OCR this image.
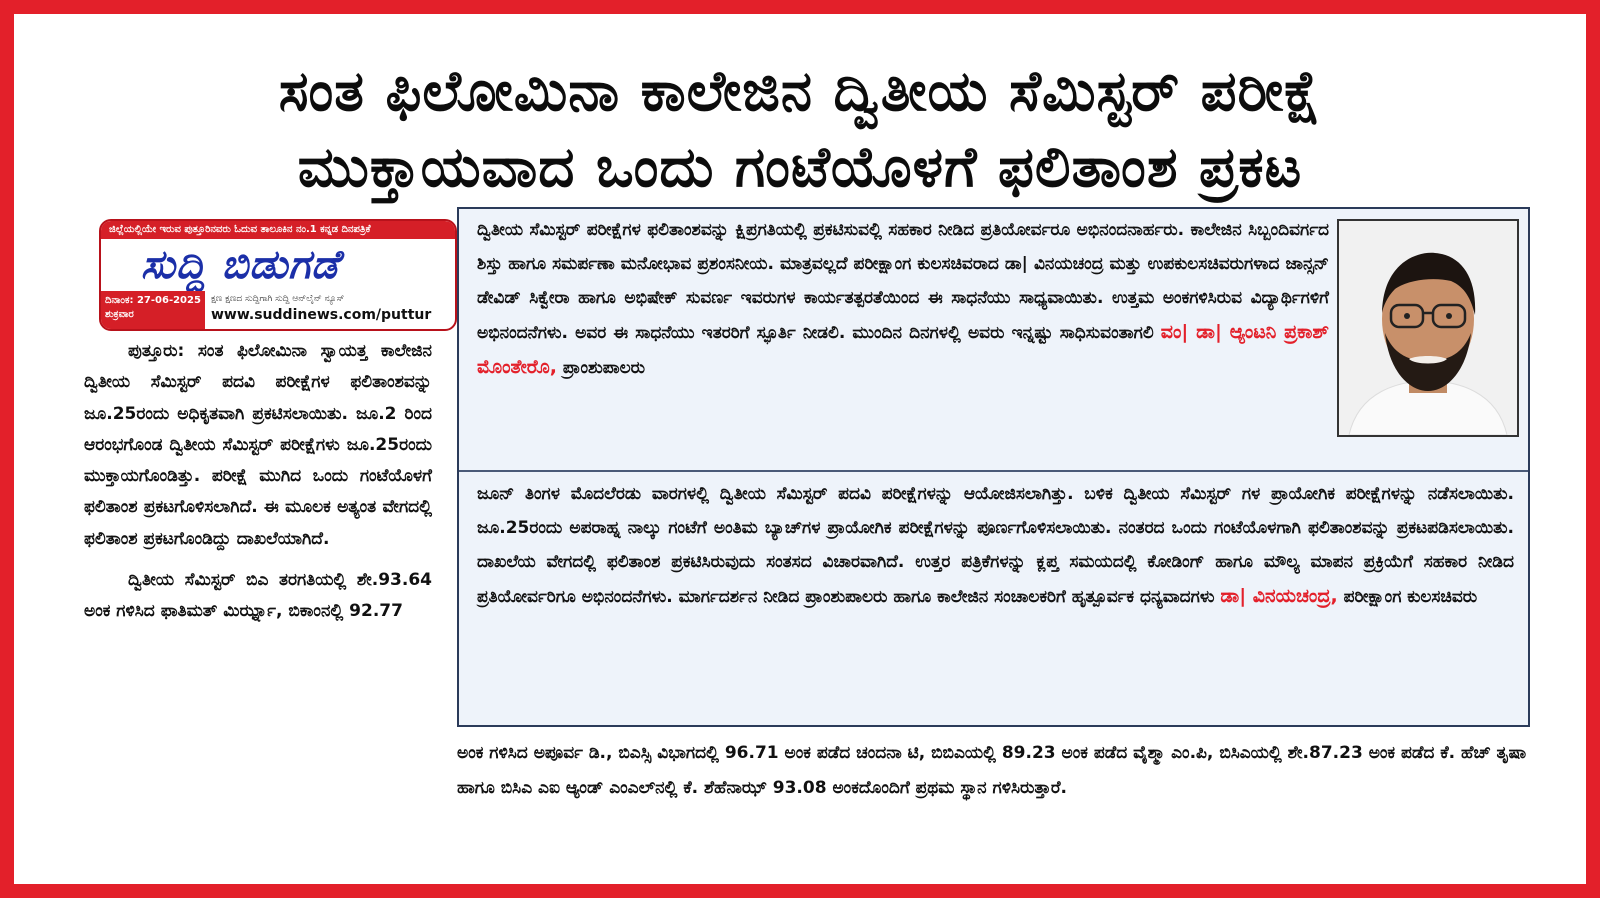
ಸಂತ ಫಿಲೋಮಿನಾ ಕಾಲೇಜಿನ ದ್ವಿತೀಯ ಸೆಮಿಸ್ಟರ್ ಪರೀಕ್ಷೆ
ಮುಕ್ತಾಯವಾದ ಒಂದು ಗಂಟೆಯೊಳಗೆ ಫಲಿತಾಂಶ ಪ್ರಕಟ
ಜಿಲ್ಲೆಯಲ್ಲಿಯೇ ಇರುವ ಪುತ್ತೂರಿನವರು ಓದುವ ತಾಲೂಕಿನ ನಂ.1 ಕನ್ನಡ ದಿನಪತ್ರಿಕೆ
ಸುದ್ದಿ ಬಿಡುಗಡೆ
ದಿನಾಂಕ: 27-06-2025
ಶುಕ್ರವಾರ
ಕ್ಷಣ ಕ್ಷಣದ ಸುದ್ದಿಗಾಗಿ ಸುದ್ದಿ ಆನ್‌ಲೈನ್ ನ್ಯೂಸ್
www.suddinews.com/puttur

ಪುತ್ತೂರು: ಸಂತ ಫಿಲೋಮಿನಾ ಸ್ವಾಯತ್ತ ಕಾಲೇಜಿನ ದ್ವಿತೀಯ ಸೆಮಿಸ್ಟರ್ ಪದವಿ ಪರೀಕ್ಷೆಗಳ ಫಲಿತಾಂಶವನ್ನು ಜೂ.25ರಂದು ಅಧಿಕೃತವಾಗಿ ಪ್ರಕಟಿಸಲಾಯಿತು. ಜೂ.2 ರಿಂದ ಆರಂಭಗೊಂಡ ದ್ವಿತೀಯ ಸೆಮಿಸ್ಟರ್ ಪರೀಕ್ಷೆಗಳು ಜೂ.25ರಂದು ಮುಕ್ತಾಯಗೊಂಡಿತ್ತು. ಪರೀಕ್ಷೆ ಮುಗಿದ ಒಂದು ಗಂಟೆಯೊಳಗೆ ಫಲಿತಾಂಶ ಪ್ರಕಟಗೊಳಿಸಲಾಗಿದೆ. ಈ ಮೂಲಕ ಅತ್ಯಂತ ವೇಗದಲ್ಲಿ ಫಲಿತಾಂಶ ಪ್ರಕಟಗೊಂಡಿದ್ದು ದಾಖಲೆಯಾಗಿದೆ.

ದ್ವಿತೀಯ ಸೆಮಿಸ್ಟರ್ ಬಿಎ ತರಗತಿಯಲ್ಲಿ ಶೇ.93.64 ಅಂಕ ಗಳಿಸಿದ ಫಾತಿಮತ್ ಮಿರ್ಝ್ನಾ, ಬಿಕಾಂನಲ್ಲಿ 92.77

ದ್ವಿತೀಯ ಸೆಮಿಸ್ಟರ್ ಪರೀಕ್ಷೆಗಳ ಫಲಿತಾಂಶವನ್ನು ಕ್ಷಿಪ್ರಗತಿಯಲ್ಲಿ ಪ್ರಕಟಿಸುವಲ್ಲಿ ಸಹಕಾರ ನೀಡಿದ ಪ್ರತಿಯೋರ್ವರೂ ಅಭಿನಂದನಾರ್ಹರು. ಕಾಲೇಜಿನ ಸಿಬ್ಬಂದಿವರ್ಗದ ಶಿಸ್ತು ಹಾಗೂ ಸಮರ್ಪಣಾ ಮನೋಭಾವ ಪ್ರಶಂಸನೀಯ. ಮಾತ್ರವಲ್ಲದೆ ಪರೀಕ್ಷಾಂಗ ಕುಲಸಚಿವರಾದ ಡಾ| ವಿನಯಚಂದ್ರ ಮತ್ತು ಉಪಕುಲಸಚಿವರುಗಳಾದ ಜಾನ್ಸನ್ ಡೇವಿಡ್ ಸಿಕ್ವೇರಾ ಹಾಗೂ ಅಭಿಷೇಕ್ ಸುವರ್ಣ ಇವರುಗಳ ಕಾರ್ಯತತ್ಪರತೆಯಿಂದ ಈ ಸಾಧನೆಯು ಸಾಧ್ಯವಾಯಿತು. ಉತ್ತಮ ಅಂಕಗಳಿಸಿರುವ ವಿದ್ಯಾರ್ಥಿಗಳಿಗೆ ಅಭಿನಂದನೆಗಳು. ಅವರ ಈ ಸಾಧನೆಯು ಇತರರಿಗೆ ಸ್ಫೂರ್ತಿ ನೀಡಲಿ. ಮುಂದಿನ ದಿನಗಳಲ್ಲಿ ಅವರು ಇನ್ನಷ್ಟು ಸಾಧಿಸುವಂತಾಗಲಿ ವಂ| ಡಾ| ಆ್ಯಂಟನಿ ಪ್ರಕಾಶ್ ಮೊಂತೇರೊ, ಪ್ರಾಂಶುಪಾಲರು

ಜೂನ್ ತಿಂಗಳ ಮೊದಲೆರಡು ವಾರಗಳಲ್ಲಿ ದ್ವಿತೀಯ ಸೆಮಿಸ್ಟರ್ ಪದವಿ ಪರೀಕ್ಷೆಗಳನ್ನು ಆಯೋಜಿಸಲಾಗಿತ್ತು. ಬಳಿಕ ದ್ವಿತೀಯ ಸೆಮಿಸ್ಟರ್ ಗಳ ಪ್ರಾಯೋಗಿಕ ಪರೀಕ್ಷೆಗಳನ್ನು ನಡೆಸಲಾಯಿತು. ಜೂ.25ರಂದು ಅಪರಾಹ್ನ ನಾಲ್ಕು ಗಂಟೆಗೆ ಅಂತಿಮ ಬ್ಯಾಚ್‌ಗಳ ಪ್ರಾಯೋಗಿಕ ಪರೀಕ್ಷೆಗಳನ್ನು ಪೂರ್ಣಗೊಳಿಸಲಾಯಿತು. ನಂತರದ ಒಂದು ಗಂಟೆಯೊಳಗಾಗಿ ಫಲಿತಾಂಶವನ್ನು ಪ್ರಕಟಪಡಿಸಲಾಯಿತು. ದಾಖಲೆಯ ವೇಗದಲ್ಲಿ ಫಲಿತಾಂಶ ಪ್ರಕಟಿಸಿರುವುದು ಸಂತಸದ ವಿಚಾರವಾಗಿದೆ. ಉತ್ತರ ಪತ್ರಿಕೆಗಳನ್ನು ಕ್ಲಪ್ತ ಸಮಯದಲ್ಲಿ ಕೋಡಿಂಗ್ ಹಾಗೂ ಮೌಲ್ಯ ಮಾಪನ ಪ್ರಕ್ರಿಯೆಗೆ ಸಹಕಾರ ನೀಡಿದ ಪ್ರತಿಯೋರ್ವರಿಗೂ ಅಭಿನಂದನೆಗಳು. ಮಾರ್ಗದರ್ಶನ ನೀಡಿದ ಪ್ರಾಂಶುಪಾಲರು ಹಾಗೂ ಕಾಲೇಜಿನ ಸಂಚಾಲಕರಿಗೆ ಹೃತ್ಪೂರ್ವಕ ಧನ್ಯವಾದಗಳು ಡಾ| ವಿನಯಚಂದ್ರ, ಪರೀಕ್ಷಾಂಗ ಕುಲಸಚಿವರು

ಅಂಕ ಗಳಿಸಿದ ಅಪೂರ್ವ ಡಿ., ಬಿಎಸ್ಸಿ ವಿಭಾಗದಲ್ಲಿ 96.71 ಅಂಕ ಪಡೆದ ಚಂದನಾ ಟಿ, ಬಿಬಿಎಯಲ್ಲಿ 89.23 ಅಂಕ ಪಡೆದ ವೈಶ್ಮಾ ಎಂ.ಪಿ, ಬಿಸಿಎಯಲ್ಲಿ ಶೇ.87.23 ಅಂಕ ಪಡೆದ ಕೆ. ಹೆಚ್ ತೃಷಾ ಹಾಗೂ ಬಿಸಿಎ ಎಐ ಆ್ಯಂಡ್ ಎಂಎಲ್‌ನಲ್ಲಿ ಕೆ. ಶೆಹೆನಾಝ್ 93.08 ಅಂಕದೊಂದಿಗೆ ಪ್ರಥಮ ಸ್ಥಾನ ಗಳಿಸಿರುತ್ತಾರೆ.
